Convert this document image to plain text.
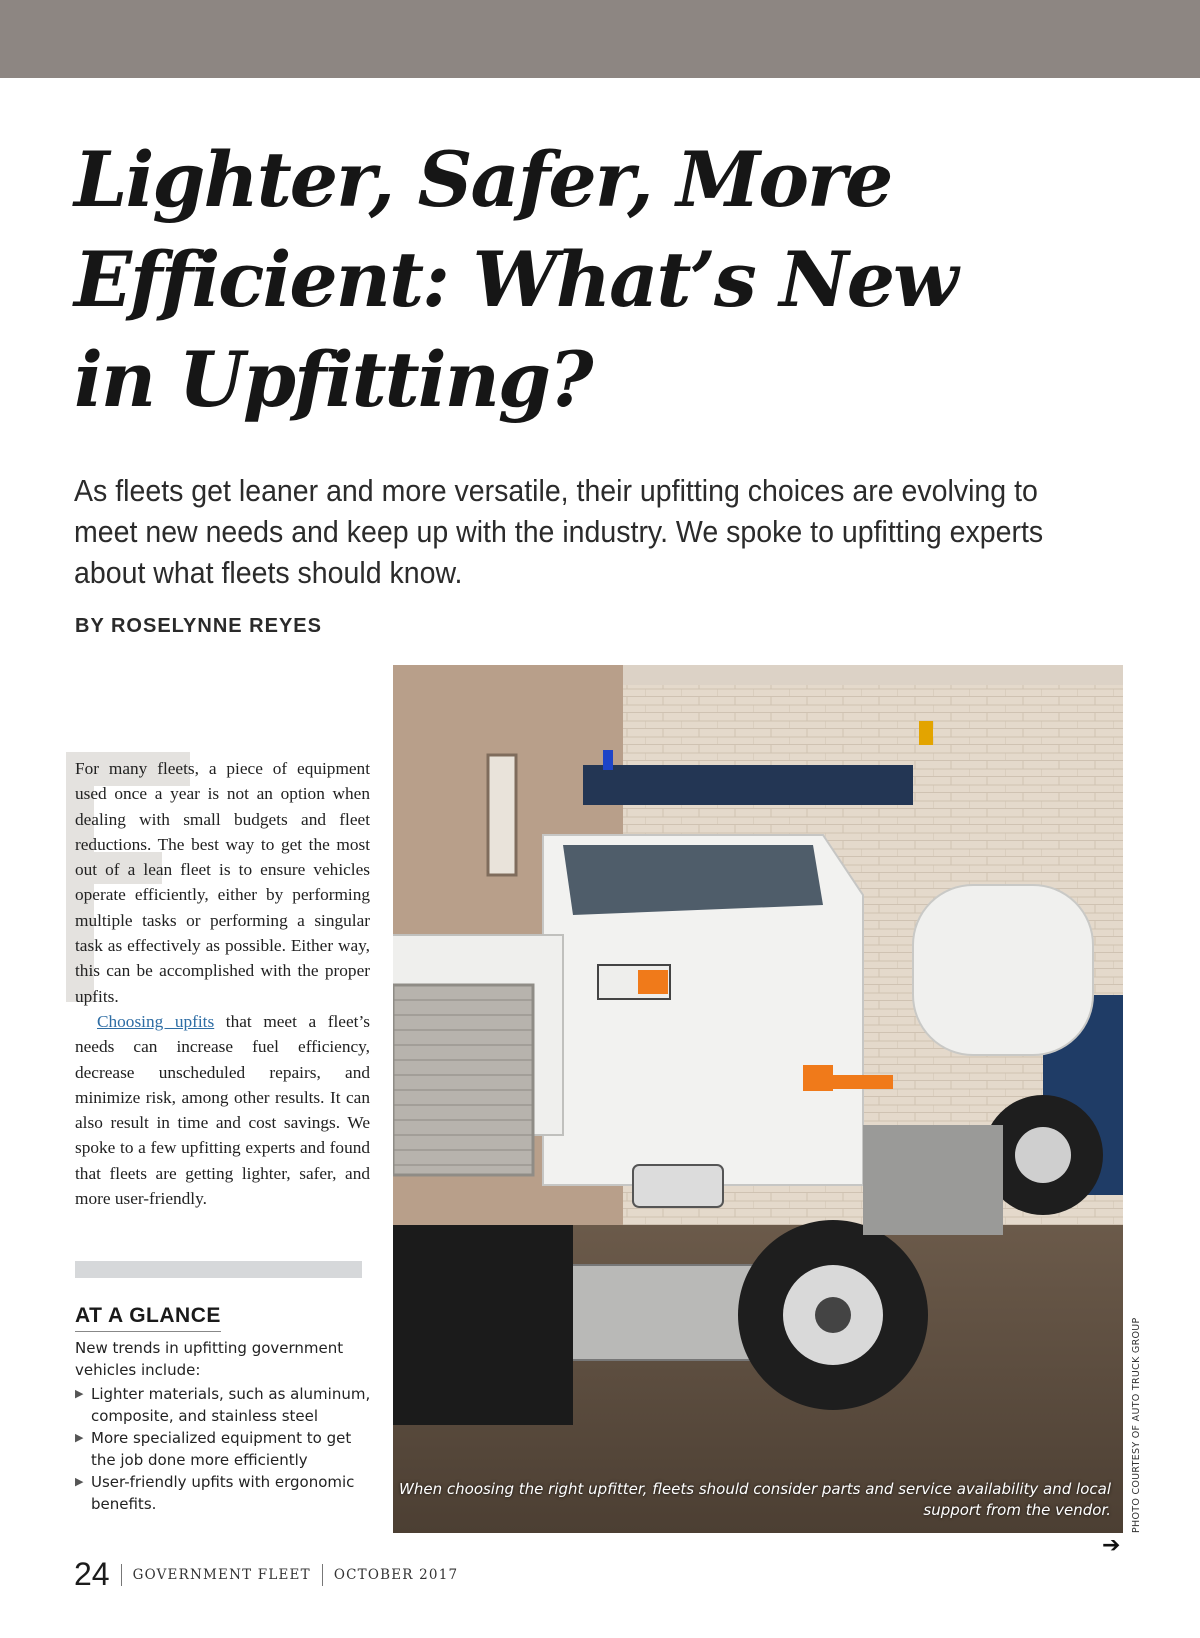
Lighter, Safer, More
Efficient: What’s New
in Upfitting?

As fleets get leaner and more versatile, their upfitting choices are evolving to meet new needs and keep up with the industry. We spoke to upfitting experts about what fleets should know.

BY ROSELYNNE REYES

For many fleets, a piece of equipment used once a year is not an option when dealing with small budgets and fleet reductions. The best way to get the most out of a lean fleet is to ensure vehicles operate efficiently, either by performing multiple tasks or performing a singular task as effectively as possible. Either way, this can be accomplished with the proper upfits.

Choosing upfits that meet a fleet’s needs can increase fuel efficiency, decrease unscheduled repairs, and minimize risk, among other results. It can also result in time and cost savings. We spoke to a few upfitting experts and found that fleets are getting lighter, safer, and more user-friendly.

AT A GLANCE

New trends in upfitting government vehicles include:

▶ Lighter materials, such as aluminum, composite, and stainless steel
▶ More specialized equipment to get the job done more efficiently
▶ User-friendly upfits with ergonomic benefits.

When choosing the right upfitter, fleets should consider parts and service availability and local support from the vendor. PHOTO COURTESY OF AUTO TRUCK GROUP
➔
24 GOVERNMENT FLEET OCTOBER 2017
